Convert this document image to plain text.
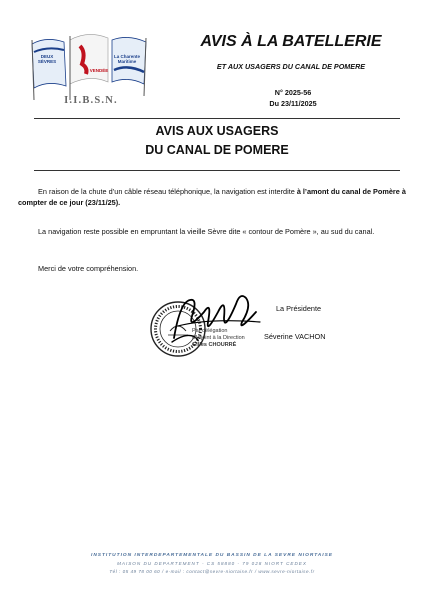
DEUX SÈVRES
VENDÉE
La Charente Maritime
I.I.B.S.N.
AVIS À LA BATELLERIE
ET AUX USAGERS DU CANAL DE POMERE
N° 2025-56
Du 23/11/2025
AVIS AUX USAGERS
DU CANAL DE POMERE
En raison de la chute d’un câble réseau téléphonique, la navigation est interdite à l’amont du canal de Pomère à compter de ce jour (23/11/25).
La navigation reste possible en empruntant la vieille Sèvre dite « contour de Pomère », au sud du canal.
Merci de votre compréhension.
Par délégation
l'Adjoint à la Direction
Gilles CHOURRÉ
La Présidente
Séverine VACHON
INSTITUTION INTERDEPARTEMENTALE DU BASSIN DE LA SEVRE NIORTAISE
MAISON DU DEPARTEMENT - CS 58880 - 79 028 NIORT CEDEX
Tél : 05 49 78 00 60 / e-mail : contact@sevre-niortaise.fr / www.sevre-niortaise.fr
